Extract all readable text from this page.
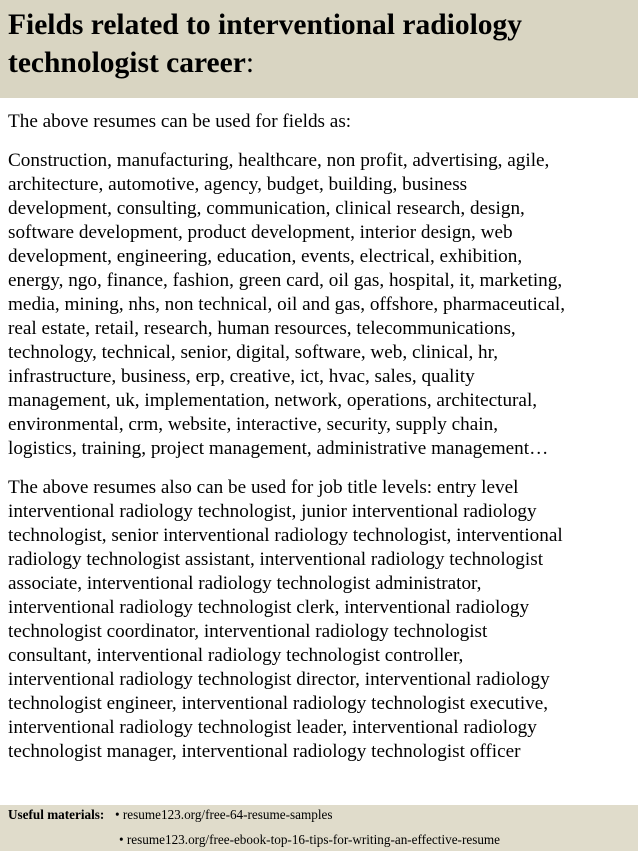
Fields related to interventional radiology
technologist career:

The above resumes can be used for fields as:

Construction, manufacturing, healthcare, non profit, advertising, agile,
architecture, automotive, agency, budget, building, business
development, consulting, communication, clinical research, design,
software development, product development, interior design, web
development, engineering, education, events, electrical, exhibition,
energy, ngo, finance, fashion, green card, oil gas, hospital, it, marketing,
media, mining, nhs, non technical, oil and gas, offshore, pharmaceutical,
real estate, retail, research, human resources, telecommunications,
technology, technical, senior, digital, software, web, clinical, hr,
infrastructure, business, erp, creative, ict, hvac, sales, quality
management, uk, implementation, network, operations, architectural,
environmental, crm, website, interactive, security, supply chain,
logistics, training, project management, administrative management…

The above resumes also can be used for job title levels: entry level
interventional radiology technologist, junior interventional radiology
technologist, senior interventional radiology technologist, interventional
radiology technologist assistant, interventional radiology technologist
associate, interventional radiology technologist administrator,
interventional radiology technologist clerk, interventional radiology
technologist coordinator, interventional radiology technologist
consultant, interventional radiology technologist controller,
interventional radiology technologist director, interventional radiology
technologist engineer, interventional radiology technologist executive,
interventional radiology technologist leader, interventional radiology
technologist manager, interventional radiology technologist officer

Useful materials: • resume123.org/free-64-resume-samples
• resume123.org/free-ebook-top-16-tips-for-writing-an-effective-resume
